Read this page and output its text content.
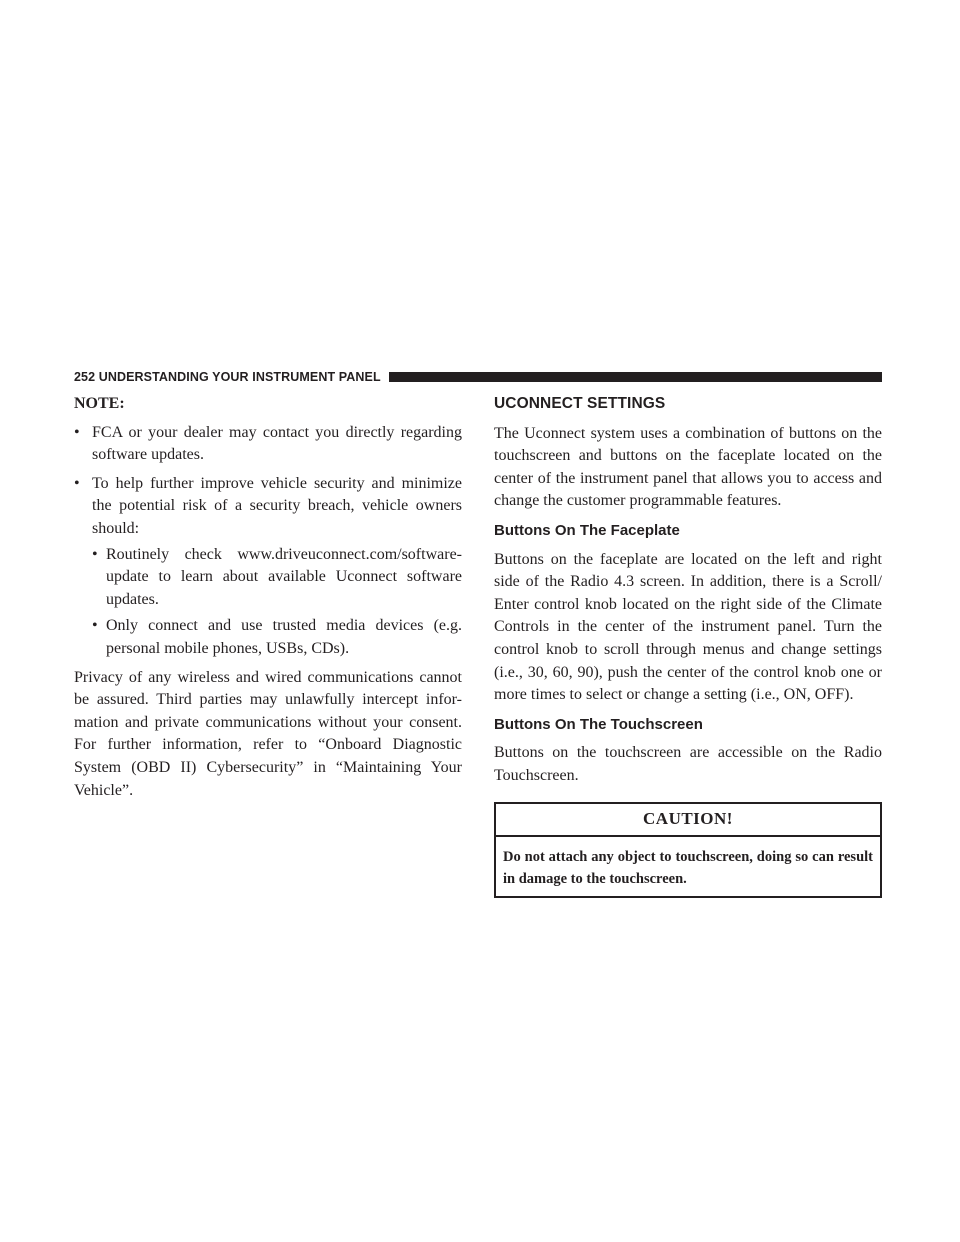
252 UNDERSTANDING YOUR INSTRUMENT PANEL

NOTE:

• FCA or your dealer may contact you directly regarding software updates.
• To help further improve vehicle security and minimize the potential risk of a security breach, vehicle owners should:
• Routinely check www.driveuconnect.com/software-update to learn about available Uconnect software updates.
• Only connect and use trusted media devices (e.g. personal mobile phones, USBs, CDs).

Privacy of any wireless and wired communications cannot be assured. Third parties may unlawfully intercept infor-mation and private communications without your consent. For further information, refer to “Onboard Diagnostic System (OBD II) Cybersecurity” in “Maintaining Your Vehicle”.

UCONNECT SETTINGS

The Uconnect system uses a combination of buttons on the touchscreen and buttons on the faceplate located on the center of the instrument panel that allows you to access and change the customer programmable features.

Buttons On The Faceplate

Buttons on the faceplate are located on the left and right side of the Radio 4.3 screen. In addition, there is a Scroll/ Enter control knob located on the right side of the Climate Controls in the center of the instrument panel. Turn the control knob to scroll through menus and change settings (i.e., 30, 60, 90), push the center of the control knob one or more times to select or change a setting (i.e., ON, OFF).

Buttons On The Touchscreen

Buttons on the touchscreen are accessible on the Radio Touchscreen.

CAUTION!
Do not attach any object to touchscreen, doing so can result in damage to the touchscreen.
